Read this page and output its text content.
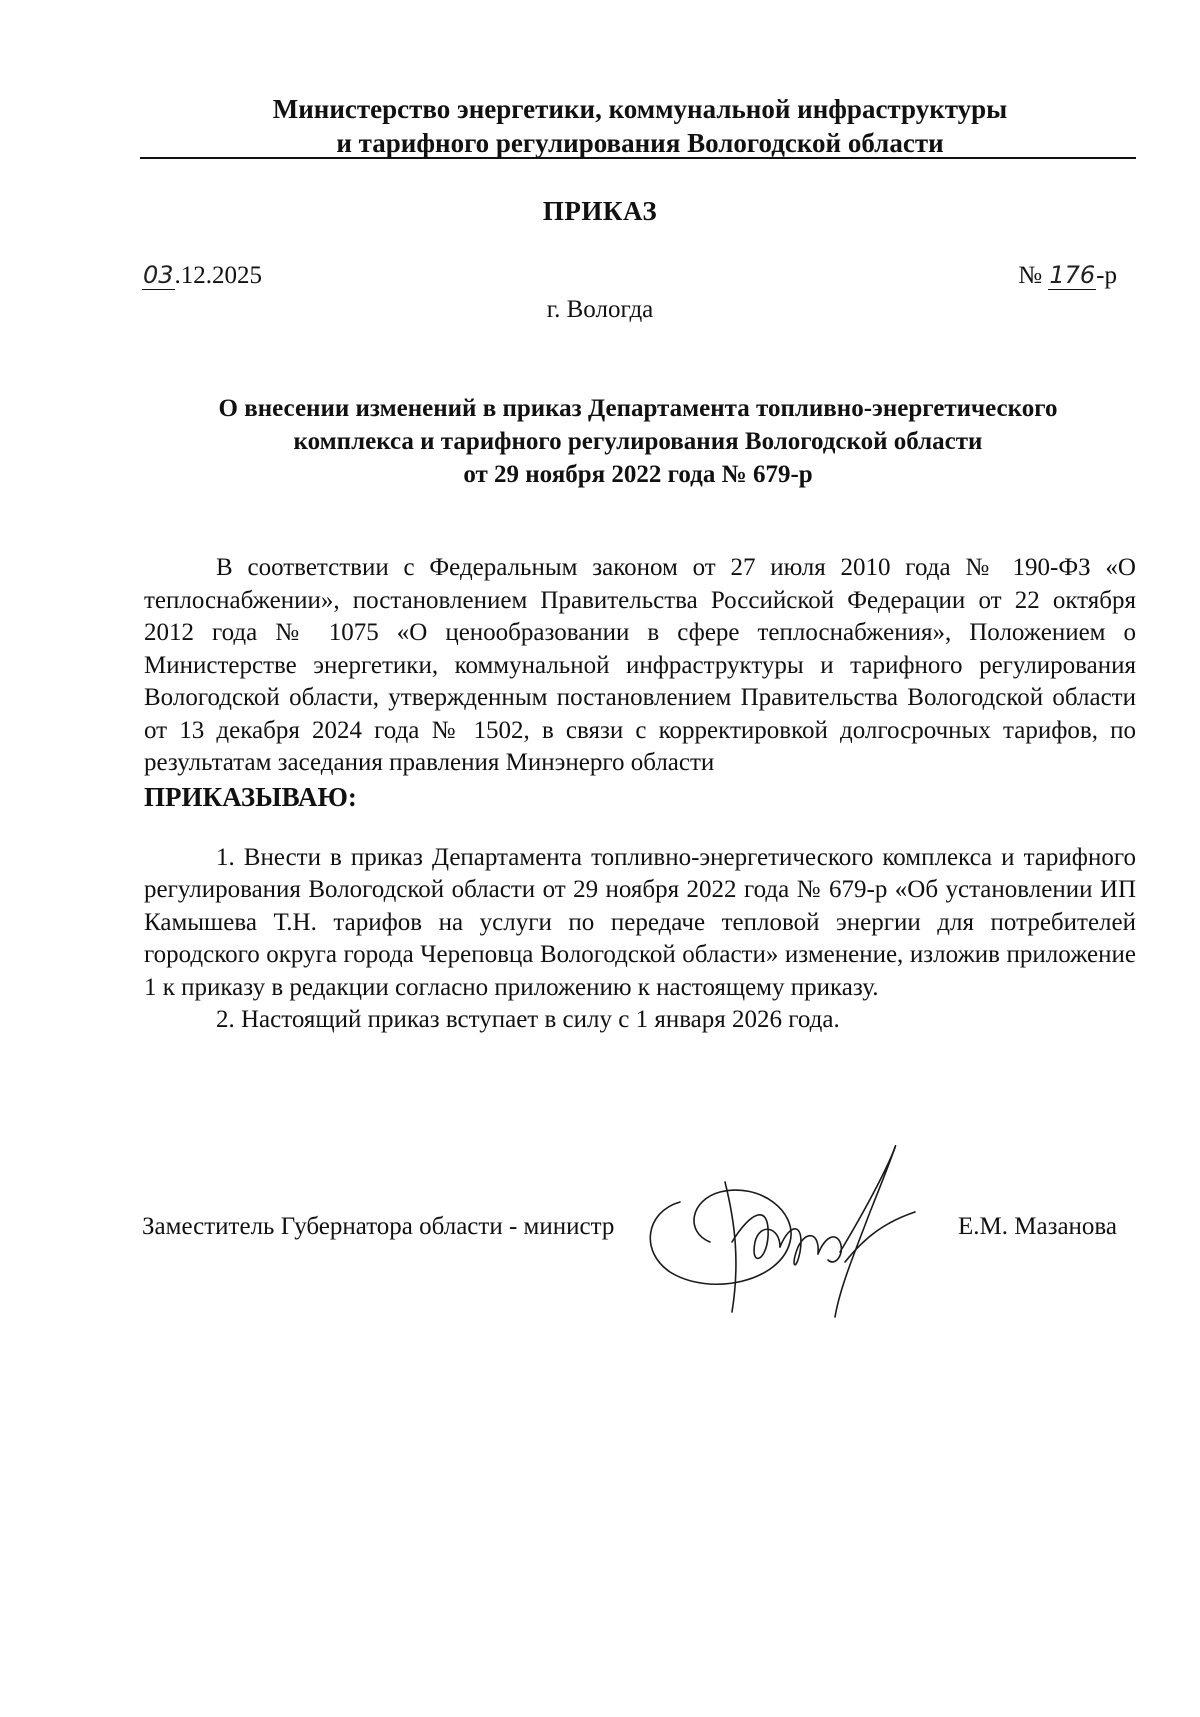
Министерство энергетики, коммунальной инфраструктуры
и тарифного регулирования Вологодской области
ПРИКАЗ
03.12.2025	№ 176-р
г. Вологда
О внесении изменений в приказ Департамента топливно-энергетического
комплекса и тарифного регулирования Вологодской области
от 29 ноября 2022 года № 679-р

В соответствии с Федеральным законом от 27 июля 2010 года № 190-ФЗ «О теплоснабжении», постановлением Правительства Российской Федерации от 22 октября 2012 года № 1075 «О ценообразовании в сфере теплоснабжения», Положением о Министерстве энергетики, коммунальной инфраструктуры и тарифного регулирования Вологодской области, утвержденным постановлением Правительства Вологодской области от 13 декабря 2024 года № 1502, в связи с корректировкой долгосрочных тарифов, по результатам заседания правления Минэнерго области

ПРИКАЗЫВАЮ:

1. Внести в приказ Департамента топливно-энергетического комплекса и тарифного регулирования Вологодской области от 29 ноября 2022 года № 679-р «Об установлении ИП Камышева Т.Н. тарифов на услуги по передаче тепловой энергии для потребителей городского округа города Череповца Вологодской области» изменение, изложив приложение 1 к приказу в редакции согласно приложению к настоящему приказу.

2. Настоящий приказ вступает в силу с 1 января 2026 года.

Заместитель Губернатора области - министр	Е.М. Мазанова
